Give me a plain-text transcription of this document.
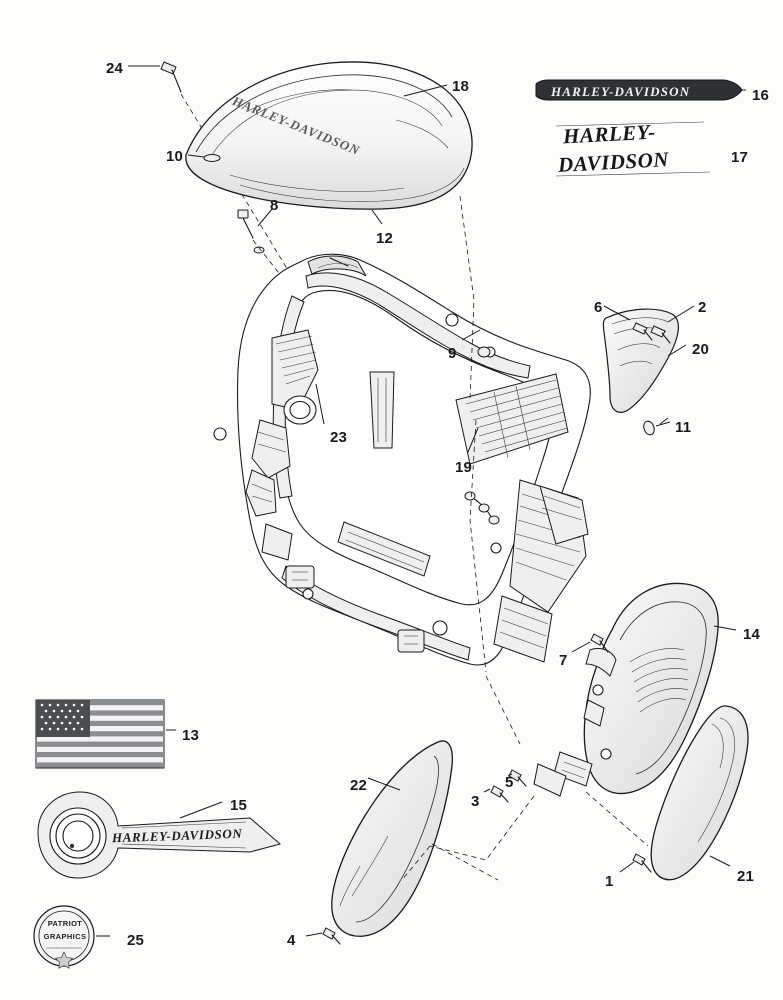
HARLEY-DAVIDSON
HARLEY-
DAVIDSON
HARLEY-DAVIDSON
HARLEY-DAVIDSON
PATRIOT
GRAPHICS
24
18
16
17
10
8
12
6	2
9	20
11
23
19
14
7
13
5
22
3
15
1	21
4
25
